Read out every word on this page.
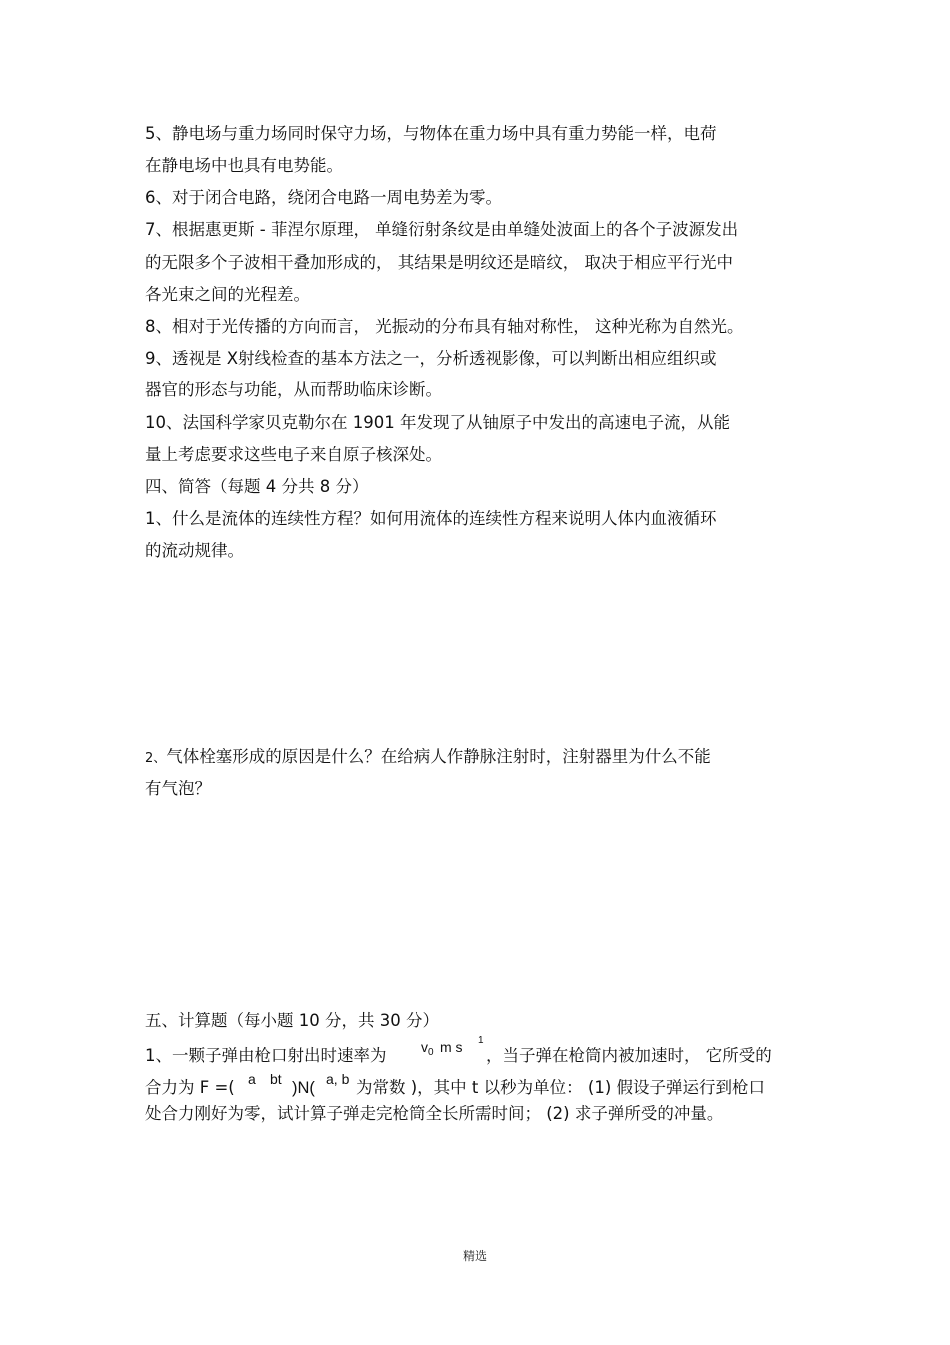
5、静电场与重力场同时保守力场，与物体在重力场中具有重力势能一样，电荷
在静电场中也具有电势能。
6、对于闭合电路，绕闭合电路一周电势差为零。
7、根据惠更斯 - 菲涅尔原理， 单缝衍射条纹是由单缝处波面上的各个子波源发出
的无限多个子波相干叠加形成的， 其结果是明纹还是暗纹， 取决于相应平行光中
各光束之间的光程差。
8、相对于光传播的方向而言， 光振动的分布具有轴对称性， 这种光称为自然光。
9、透视是 X射线检查的基本方法之一，分析透视影像，可以判断出相应组织或
器官的形态与功能，从而帮助临床诊断。
10、法国科学家贝克勒尔在 1901 年发现了从铀原子中发出的高速电子流，从能
量上考虑要求这些电子来自原子核深处。
四、简答（每题 4 分共 8 分）
1、什么是流体的连续性方程？如何用流体的连续性方程来说明人体内血液循环
的流动规律。
2、气体栓塞形成的原因是什么？在给病人作静脉注射时，注射器里为什么不能
有气泡？
五、计算题（每小题 10 分，共 30 分）
1、一颗子弹由枪口射出时速率为 $v_0$ m s 1
，当子弹在枪筒内被加速时， 它所受的
合力为 F =( a bt )N( a, b 为常数 )，其中 t 以秒为单位： (1) 假设子弹运行到枪口
处合力刚好为零，试计算子弹走完枪筒全长所需时间； (2) 求子弹所受的冲量。
精选
